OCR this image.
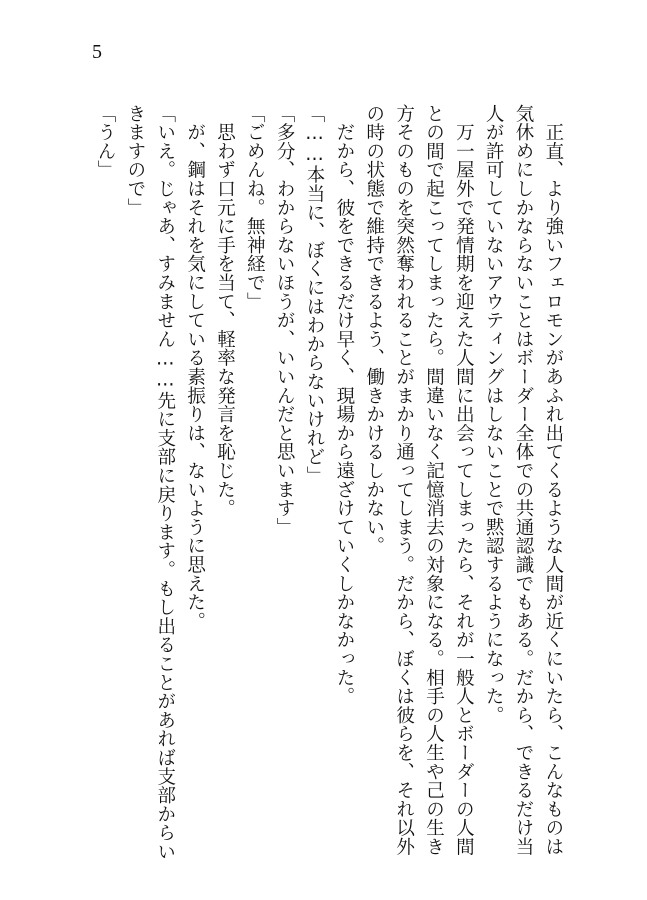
5
　正直、より強いフェロモンがあふれ出てくるような人間が近くにいたら、こんなものは
気休めにしかならないことはボーダー全体での共通認識でもある。だから、できるだけ当
人が許可していないアウティングはしないことで黙認するようになった。
　万一屋外で発情期を迎えた人間に出会ってしまったら、それが一般人とボーダーの人間
との間で起こってしまったら。間違いなく記憶消去の対象になる。相手の人生や己の生き
方そのものを突然奪われることがまかり通ってしまう。だから、ぼくは彼らを、それ以外
の時の状態で維持できるよう、働きかけるしかない。
　だから、彼をできるだけ早く、現場から遠ざけていくしかなかった。
「……本当に、ぼくにはわからないけれど」
「多分、わからないほうが、いいんだと思います」
「ごめんね。無神経で」
　思わず口元に手を当て、軽率な発言を恥じた。
　が、鋼はそれを気にしている素振りは、ないように思えた。
「いえ。じゃあ、すみません……先に支部に戻ります。もし出ることがあれば支部からい
きますので」
「うん」
